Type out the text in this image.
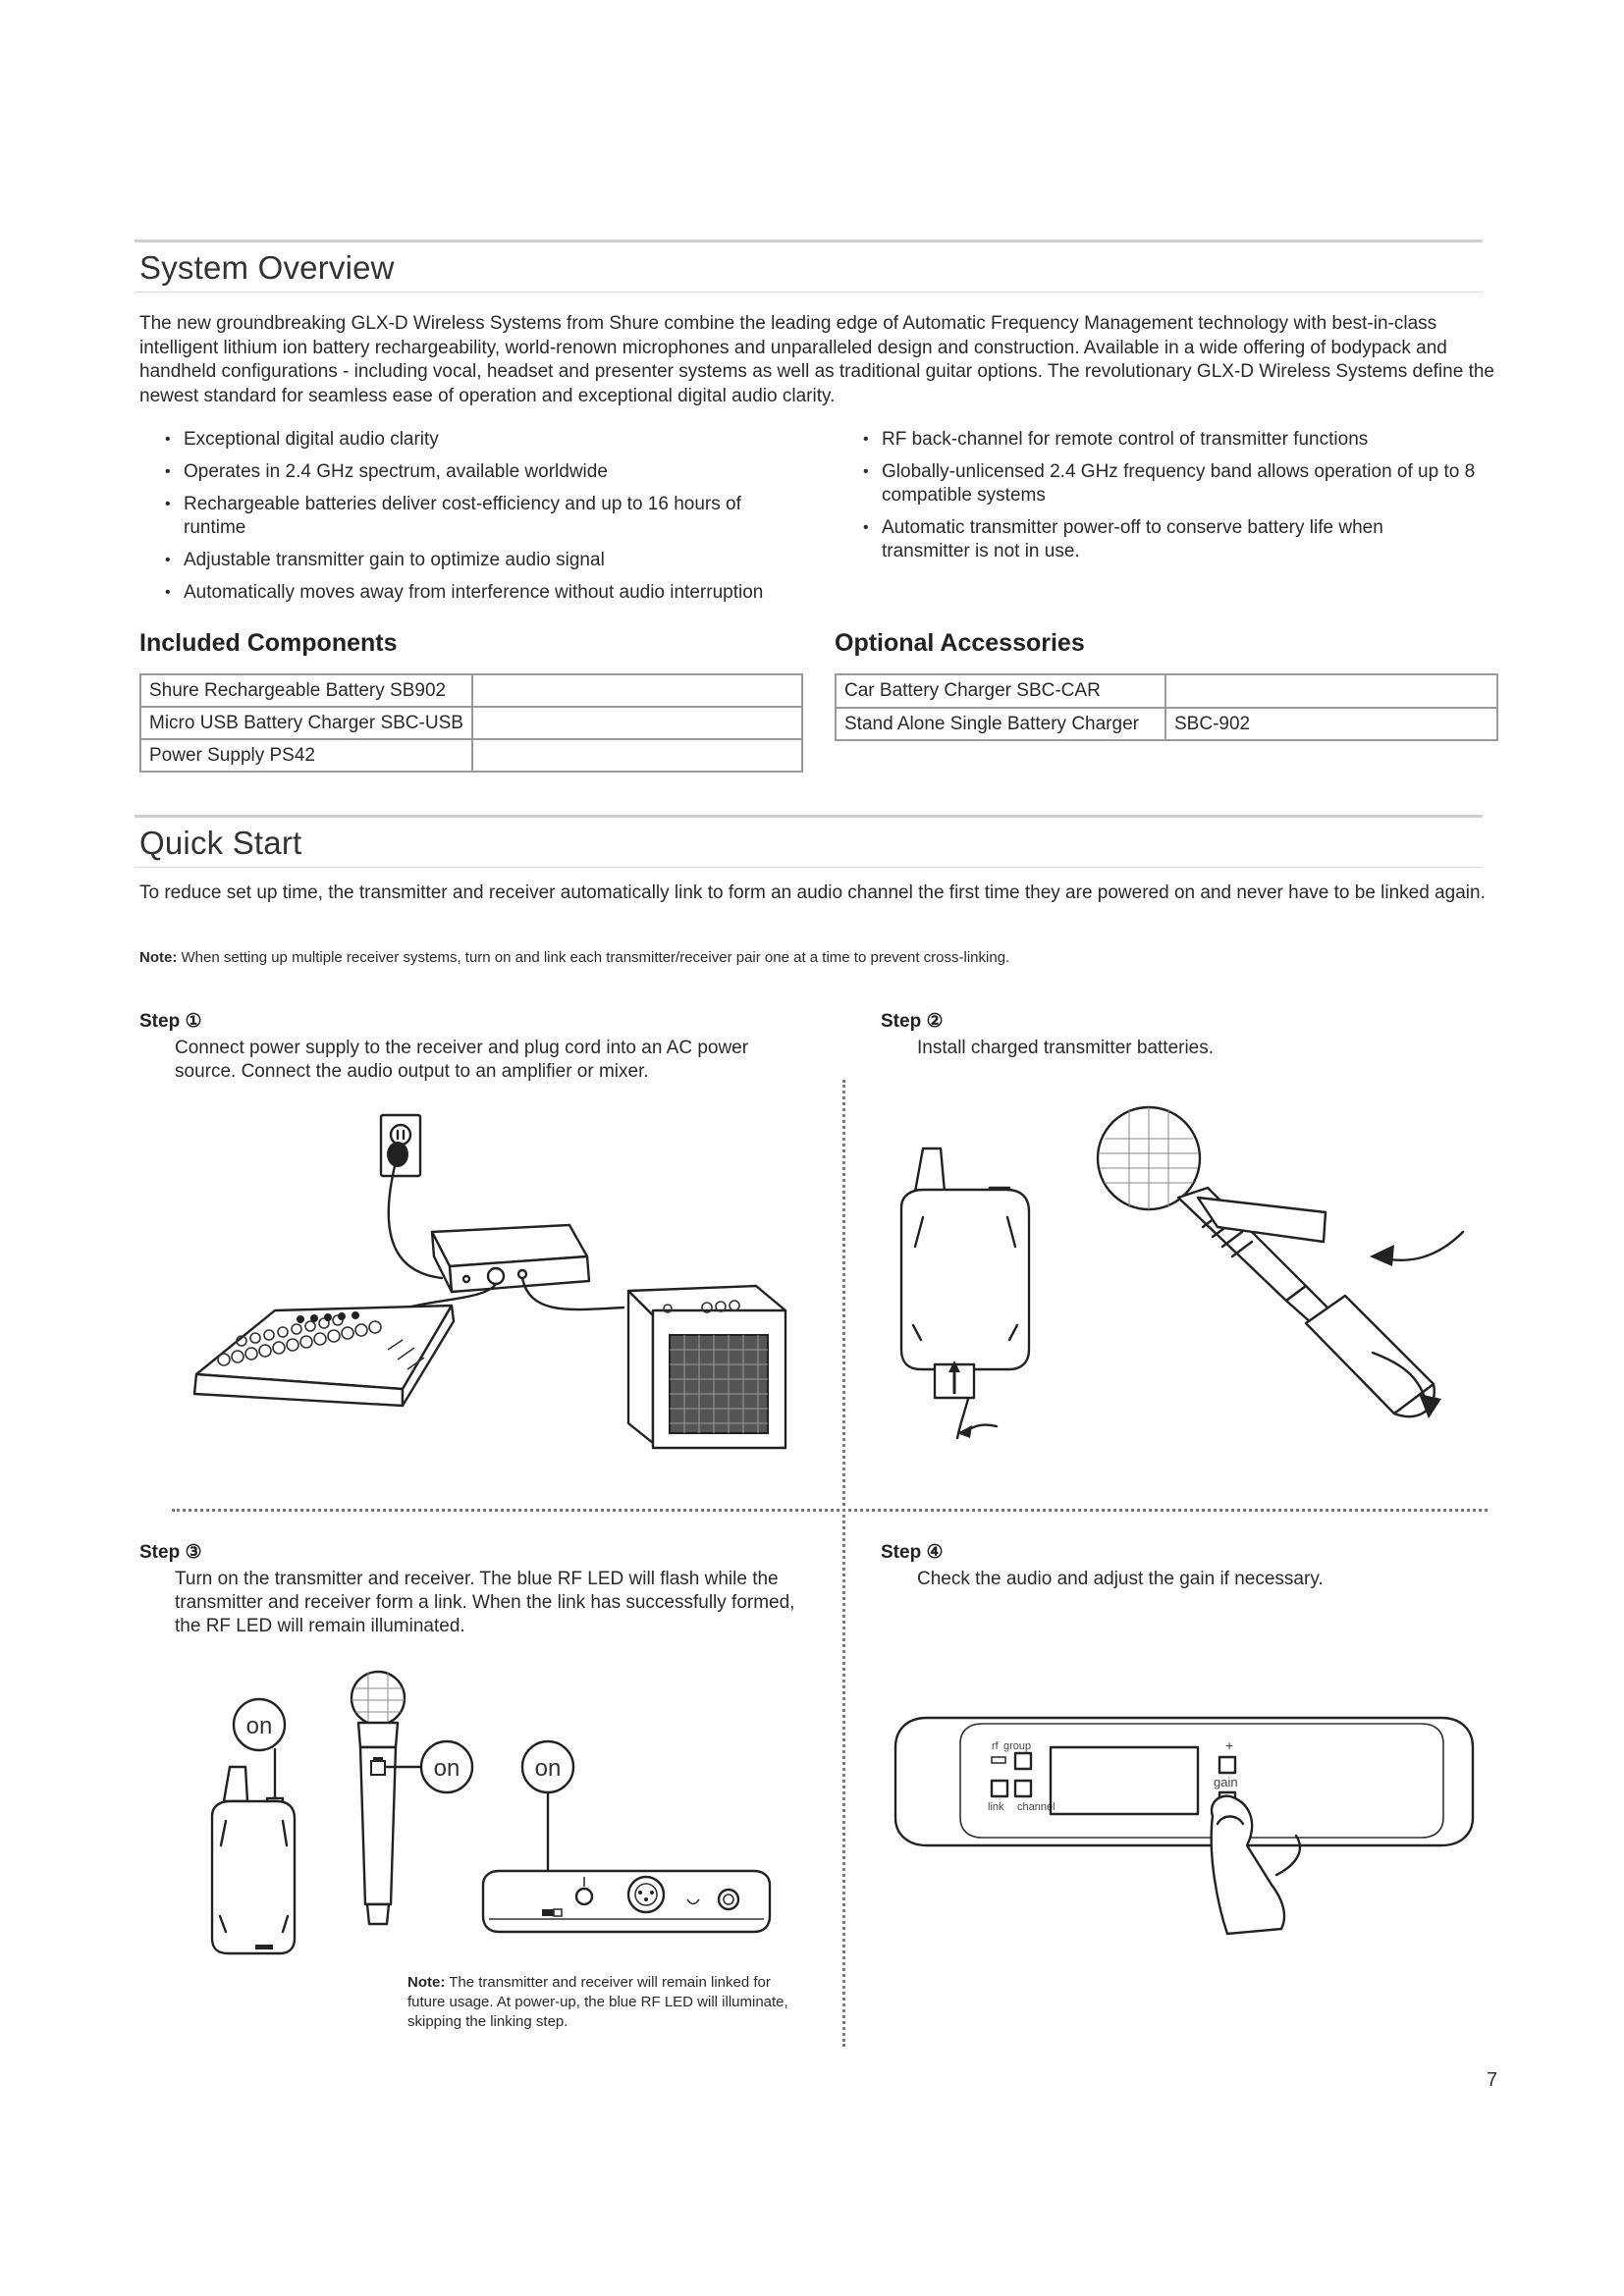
System Overview
The new groundbreaking GLX-D Wireless Systems from Shure combine the leading edge of Automatic Frequency Management technology with best-in-class intelligent lithium ion battery rechargeability, world-renown microphones and unparalleled design and construction. Available in a wide offering of bodypack and handheld configurations - including vocal, headset and presenter systems as well as traditional guitar options. The revolutionary GLX-D Wireless Systems define the newest standard for seamless ease of operation and exceptional digital audio clarity.
• Exceptional digital audio clarity
• Operates in 2.4 GHz spectrum, available worldwide
• Rechargeable batteries deliver cost-efficiency and up to 16 hours of runtime
• Adjustable transmitter gain to optimize audio signal
• Automatically moves away from interference without audio interruption
• RF back-channel for remote control of transmitter functions
• Globally-unlicensed 2.4 GHz frequency band allows operation of up to 8 compatible systems
• Automatic transmitter power-off to conserve battery life when transmitter is not in use.
Included Components	Optional Accessories
Shure Rechargeable Battery SB902	
Micro USB Battery Charger SBC-USB	
Power Supply PS42	
Car Battery Charger SBC-CAR	
Stand Alone Single Battery Charger	SBC-902
Quick Start
To reduce set up time, the transmitter and receiver automatically link to form an audio channel the first time they are powered on and never have to be linked again.
Note: When setting up multiple receiver systems, turn on and link each transmitter/receiver pair one at a time to prevent cross-linking.
Step ①
Connect power supply to the receiver and plug cord into an AC power source. Connect the audio output to an amplifier or mixer.
Step ②
Install charged transmitter batteries.
Step ③
Turn on the transmitter and receiver. The blue RF LED will flash while the transmitter and receiver form a link. When the link has successfully formed, the RF LED will remain illuminated.
on
on	on
Note: The transmitter and receiver will remain linked for future usage. At power-up, the blue RF LED will illuminate, skipping the linking step.
Step ④
Check the audio and adjust the gain if necessary.
rf group
link channel
+
gain
7
